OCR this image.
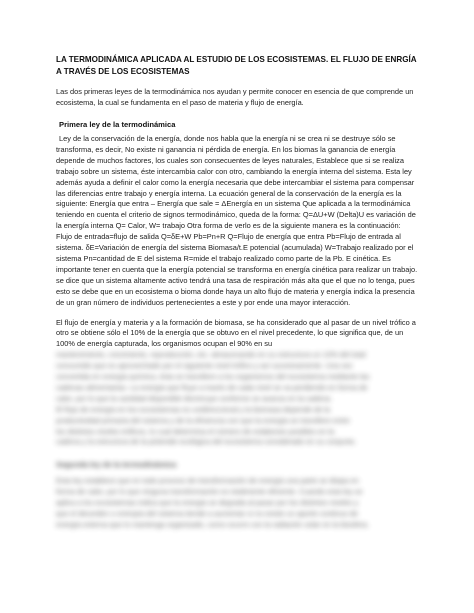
LA TERMODINÁMICA APLICADA AL ESTUDIO DE LOS ECOSISTEMAS. EL FLUJO DE ENRGÍA A TRAVÉS DE LOS ECOSISTEMAS

Las dos primeras leyes de la termodinámica nos ayudan y permite conocer en esencia de que comprende un ecosistema, la cual se fundamenta en el paso de materia y flujo de energía.

Primera ley de la termodinámica

Ley de la conservación de la energía, donde nos habla que la energía ni se crea ni se destruye sólo se transforma, es decir, No existe ni ganancia ni pérdida de energía. En los biomas la ganancia de energía depende de muchos factores, los cuales son consecuentes de leyes naturales, Establece que si se realiza trabajo sobre un sistema, éste intercambia calor con otro, cambiando la energía interna del sistema. Esta ley además ayuda a definir el calor como la energía necesaria que debe intercambiar el sistema para compensar las diferencias entre trabajo y energía interna. La ecuación general de la conservación de la energía es la siguiente: Energía que entra – Energía que sale = ΔEnergía en un sistema Que aplicada a la termodinámica teniendo en cuenta el criterio de signos termodinámico, queda de la forma: Q=ΔU+W (Delta)U es variación de la energía interna Q= Calor, W= trabajo Otra forma de verlo es de la siguiente manera es la continuación: Flujo de entrada=flujo de salida Q=δE+W Pb=Pn+R Q=Flujo de energía que entra Pb=Flujo de entrada al sistema. δE=Variación de energía del sistema Biomasa/t.E potencial (acumulada) W=Trabajo realizado por el sistema Pn=cantidad de E del sistema R=mide el trabajo realizado como parte de la Pb. E cinética. Es importante tener en cuenta que la energía potencial se transforma en energía cinética para realizar un trabajo. se dice que un sistema altamente activo tendrá una tasa de respiración más alta que el que no lo tenga, pues esto se debe que en un ecosistema o bioma donde haya un alto flujo de materia y energía indica la presencia de un gran número de individuos pertenecientes a este y por ende una mayor interacción.

El flujo de energía y materia y a la formación de biomasa, se ha considerado que al pasar de un nivel trófico a otro se obtiene sólo el 10% de la energía que se obtuvo en el nivel precedente, lo que significa que, de un 100% de energía capturada, los organismos ocupan el 90% en su

mantenimiento, crecimiento, reproducción, etc. almacenando en su estructura un 10% del total
consumido que es aprovechado por el siguiente nivel trófico y así sucesivamente. Una vez
convertida en energía química, ésta se transfiere a los organismos del ecosistema mediante las
cadenas alimentarias. La energía que fluye a través de cada nivel se va perdiendo en forma de
calor, por lo que la cantidad disponible disminuye conforme se avanza en la cadena.
El flujo de energía en los ecosistemas es unidireccional y la biomasa depende de la
productividad primaria del sistema y de la eficiencia con que la energía se transfiere entre
los distintos niveles tróficos, lo cual determina el número de eslabones posibles en la
cadena y la estructura de la pirámide ecológica del ecosistema considerado en su conjunto.
Segunda ley de la termodinámica
Esta ley establece que en todo proceso de transformación de energía una parte se disipa en
forma de calor, por lo que ninguna transformación es totalmente eficiente. Cuando esta ley se
aplica a los ecosistemas indica que la energía se degrada al pasar por los distintos niveles y
que el desorden o entropía del sistema tiende a aumentar si no existe un aporte continuo de
energía externa que lo mantenga organizado, como ocurre con la radiación solar en la biosfera.
